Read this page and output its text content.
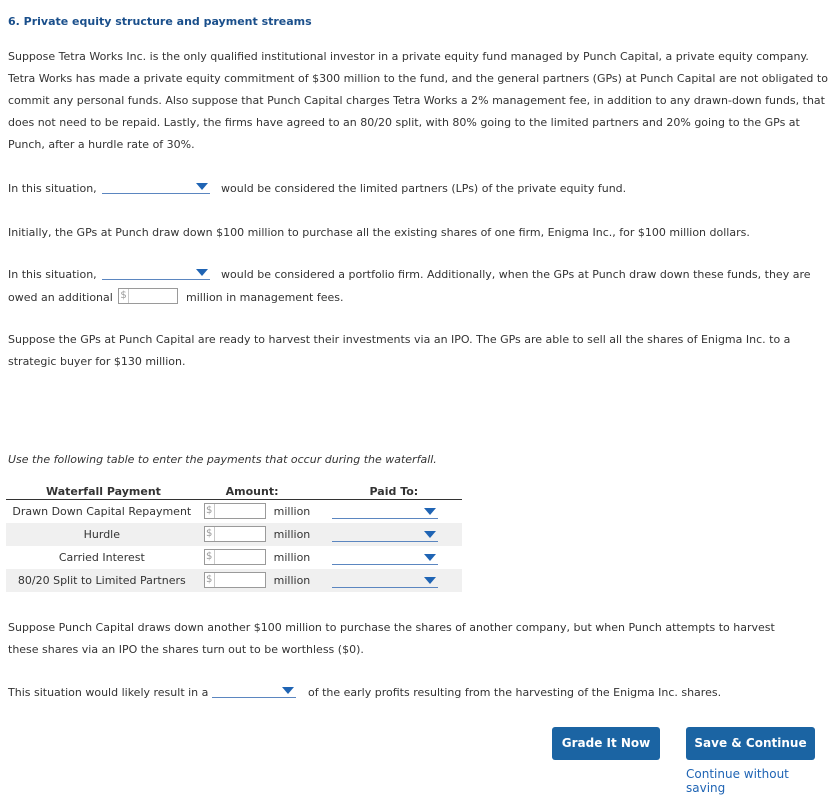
6. Private equity structure and payment streams
Suppose Tetra Works Inc. is the only qualified institutional investor in a private equity fund managed by Punch Capital, a private equity company. Tetra Works has made a private equity commitment of $300 million to the fund, and the general partners (GPs) at Punch Capital are not obligated to commit any personal funds. Also suppose that Punch Capital charges Tetra Works a 2% management fee, in addition to any drawn-down funds, that does not need to be repaid. Lastly, the firms have agreed to an 80/20 split, with 80% going to the limited partners and 20% going to the GPs at Punch, after a hurdle rate of 30%.
In this situation,	would be considered the limited partners (LPs) of the private equity fund.
Initially, the GPs at Punch draw down $100 million to purchase all the existing shares of one firm, Enigma Inc., for $100 million dollars.
In this situation,	would be considered a portfolio firm. Additionally, when the GPs at Punch draw down these funds, they are
owed an additional $	million in management fees.
Suppose the GPs at Punch Capital are ready to harvest their investments via an IPO. The GPs are able to sell all the shares of Enigma Inc. to a strategic buyer for $130 million.
Use the following table to enter the payments that occur during the waterfall.
Waterfall Payment	Amount:	Paid To:
Drawn Down Capital Repayment	$ million	

Hurdle	$ million	

Carried Interest	$ million	

80/20 Split to Limited Partners	$ million	

Suppose Punch Capital draws down another $100 million to purchase the shares of another company, but when Punch attempts to harvest these shares via an IPO the shares turn out to be worthless ($0).
This situation would likely result in a	of the early profits resulting from the harvesting of the Enigma Inc. shares.
Grade It Now	Save & Continue
Continue without saving
